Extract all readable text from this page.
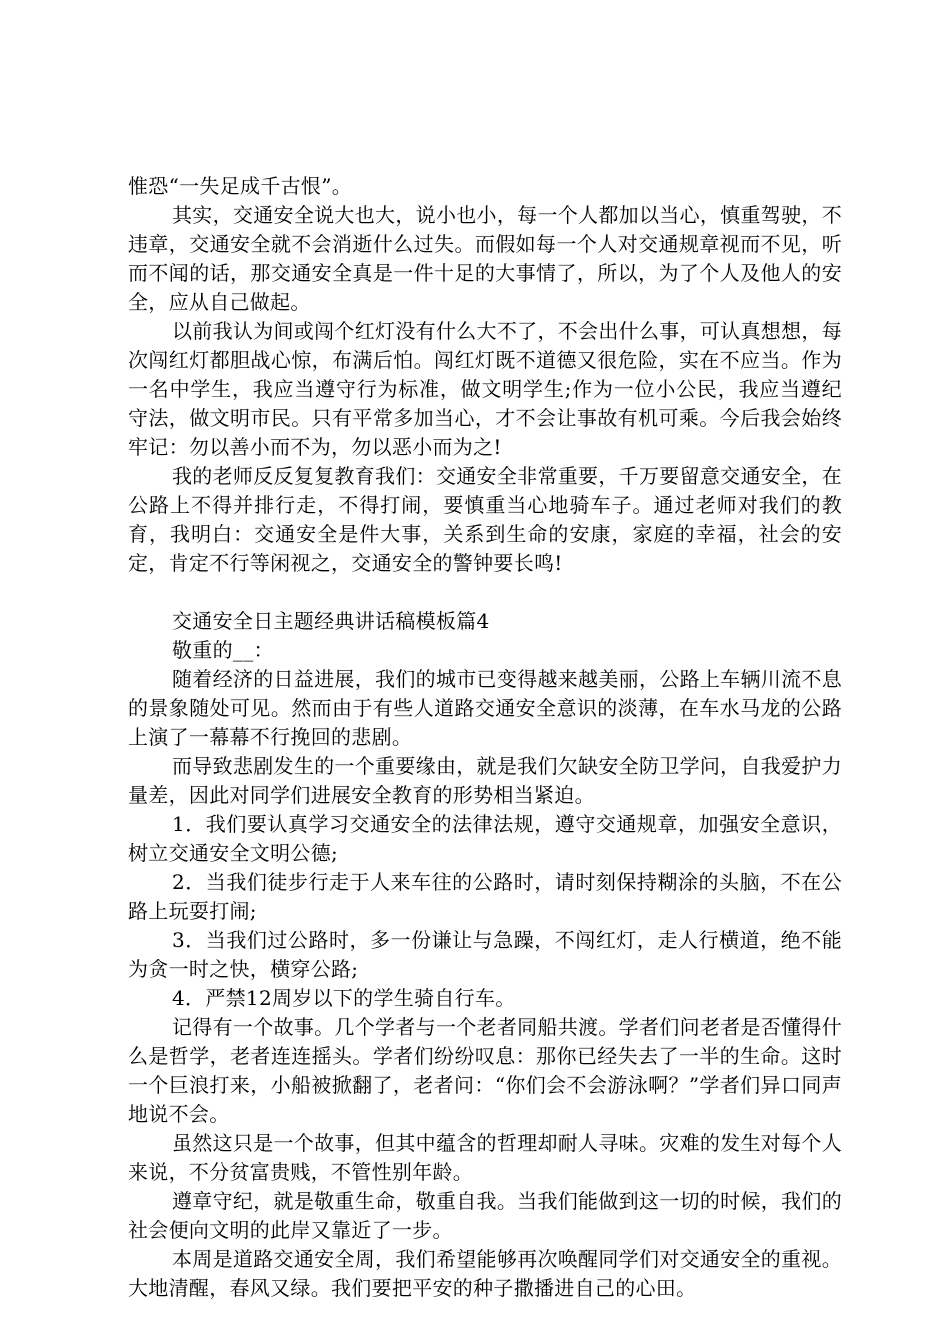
惟恐“一失足成千古恨”。

其实，交通安全说大也大，说小也小，每一个人都加以当心，慎重驾驶，不违章，交通安全就不会消逝什么过失。而假如每一个人对交通规章视而不见，听而不闻的话，那交通安全真是一件十足的大事情了，所以，为了个人及他人的安全，应从自己做起。

以前我认为间或闯个红灯没有什么大不了，不会出什么事，可认真想想，每次闯红灯都胆战心惊，布满后怕。闯红灯既不道德又很危险，实在不应当。作为一名中学生，我应当遵守行为标准，做文明学生;作为一位小公民，我应当遵纪守法，做文明市民。只有平常多加当心，才不会让事故有机可乘。今后我会始终牢记：勿以善小而不为，勿以恶小而为之!

我的老师反反复复教育我们：交通安全非常重要，千万要留意交通安全，在公路上不得并排行走，不得打闹，要慎重当心地骑车子。通过老师对我们的教育，我明白：交通安全是件大事，关系到生命的安康，家庭的幸福，社会的安定，肯定不行等闲视之，交通安全的警钟要长鸣!

交通安全日主题经典讲话稿模板篇4

敬重的__：

随着经济的日益进展，我们的城市已变得越来越美丽，公路上车辆川流不息的景象随处可见。然而由于有些人道路交通安全意识的淡薄，在车水马龙的公路上演了一幕幕不行挽回的悲剧。

而导致悲剧发生的一个重要缘由，就是我们欠缺安全防卫学问，自我爱护力量差，因此对同学们进展安全教育的形势相当紧迫。

1．我们要认真学习交通安全的法律法规，遵守交通规章，加强安全意识，树立交通安全文明公德;

2．当我们徒步行走于人来车往的公路时，请时刻保持糊涂的头脑，不在公路上玩耍打闹;

3．当我们过公路时，多一份谦让与急躁，不闯红灯，走人行横道，绝不能为贪一时之快，横穿公路;

4．严禁12周岁以下的学生骑自行车。

记得有一个故事。几个学者与一个老者同船共渡。学者们问老者是否懂得什么是哲学，老者连连摇头。学者们纷纷叹息：那你已经失去了一半的生命。这时一个巨浪打来，小船被掀翻了，老者问：“你们会不会游泳啊？”学者们异口同声地说不会。

虽然这只是一个故事，但其中蕴含的哲理却耐人寻味。灾难的发生对每个人来说，不分贫富贵贱，不管性别年龄。

遵章守纪，就是敬重生命，敬重自我。当我们能做到这一切的时候，我们的社会便向文明的此岸又靠近了一步。

本周是道路交通安全周，我们希望能够再次唤醒同学们对交通安全的重视。大地清醒，春风又绿。我们要把平安的种子撒播进自己的心田。
